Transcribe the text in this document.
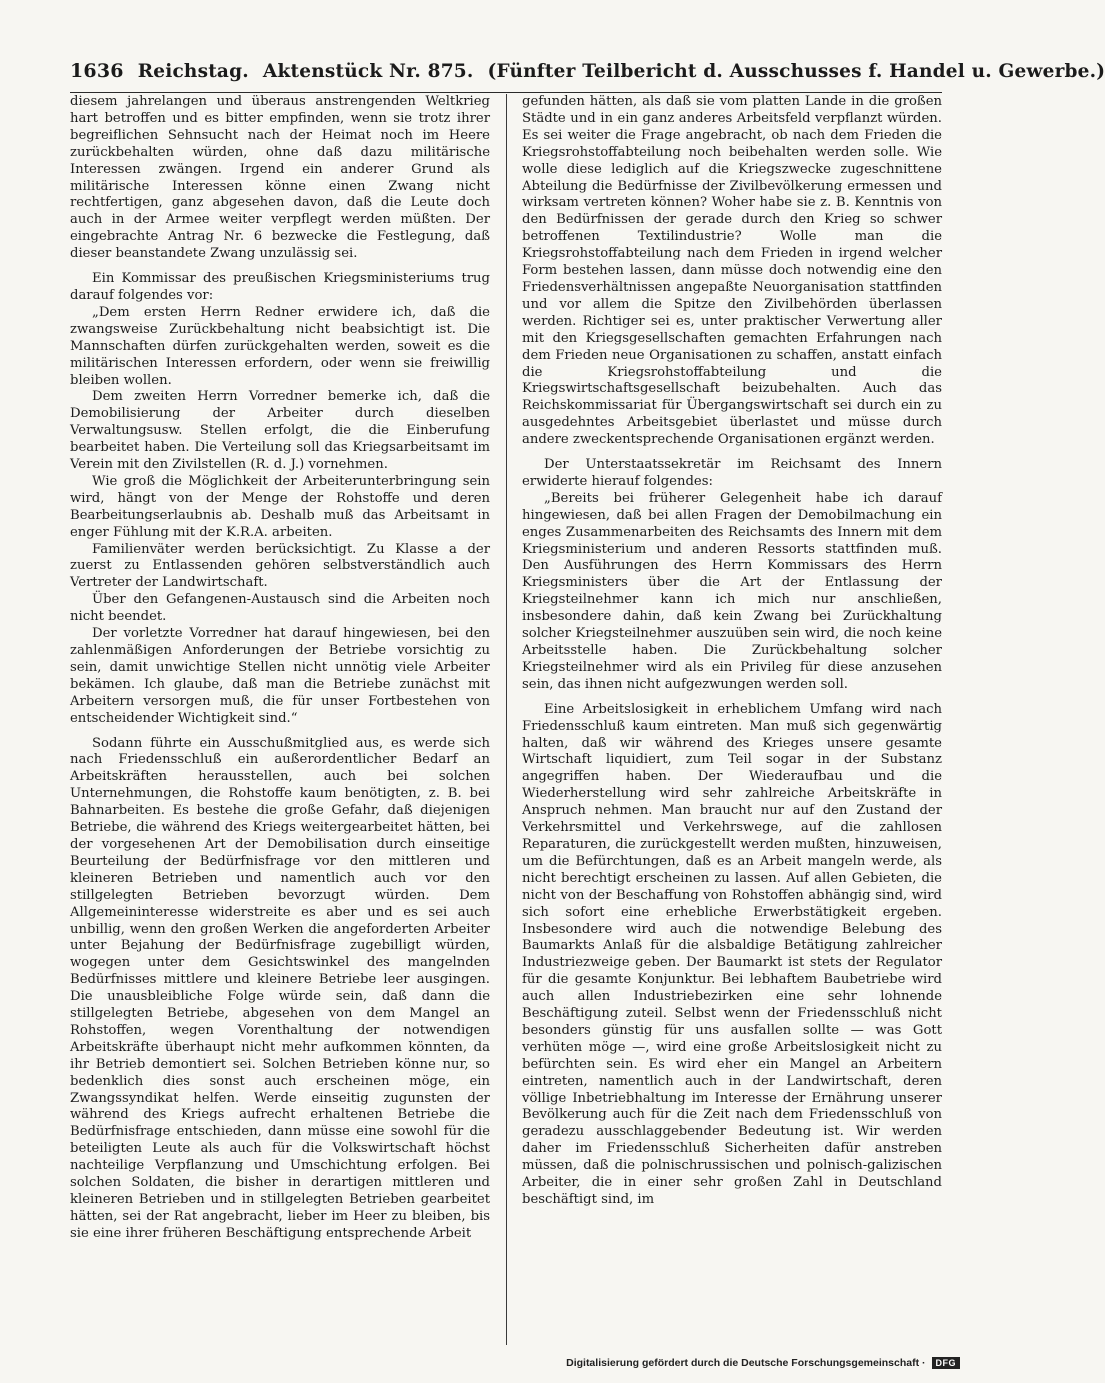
1636 Reichstag. Aktenstück Nr. 875. (Fünfter Teilbericht d. Ausschusses f. Handel u. Gewerbe.)

diesem jahrelangen und überaus anstrengenden Weltkrieg hart betroffen und es bitter empfinden, wenn sie trotz ihrer begreiflichen Sehnsucht nach der Heimat noch im Heere zurückbehalten würden, ohne daß dazu militärische Interessen zwängen. Irgend ein anderer Grund als militärische Interessen könne einen Zwang nicht rechtfertigen, ganz abgesehen davon, daß die Leute doch auch in der Armee weiter verpflegt werden müßten. Der eingebrachte Antrag Nr. 6 bezwecke die Festlegung, daß dieser beanstandete Zwang unzulässig sei.

Ein Kommissar des preußischen Kriegsministeriums trug darauf folgendes vor:

„Dem ersten Herrn Redner erwidere ich, daß die zwangsweise Zurückbehaltung nicht beabsichtigt ist. Die Mannschaften dürfen zurückgehalten werden, soweit es die militärischen Interessen erfordern, oder wenn sie freiwillig bleiben wollen.

Dem zweiten Herrn Vorredner bemerke ich, daß die Demobilisierung der Arbeiter durch dieselben Verwaltungsusw. Stellen erfolgt, die die Einberufung bearbeitet haben. Die Verteilung soll das Kriegsarbeitsamt im Verein mit den Zivilstellen (R. d. J.) vornehmen.

Wie groß die Möglichkeit der Arbeiterunterbringung sein wird, hängt von der Menge der Rohstoffe und deren Bearbeitungserlaubnis ab. Deshalb muß das Arbeitsamt in enger Fühlung mit der K.R.A. arbeiten.

Familienväter werden berücksichtigt. Zu Klasse a der zuerst zu Entlassenden gehören selbstverständlich auch Vertreter der Landwirtschaft.

Über den Gefangenen-Austausch sind die Arbeiten noch nicht beendet.

Der vorletzte Vorredner hat darauf hingewiesen, bei den zahlenmäßigen Anforderungen der Betriebe vorsichtig zu sein, damit unwichtige Stellen nicht unnötig viele Arbeiter bekämen. Ich glaube, daß man die Betriebe zunächst mit Arbeitern versorgen muß, die für unser Fortbestehen von entscheidender Wichtigkeit sind.“

Sodann führte ein Ausschußmitglied aus, es werde sich nach Friedensschluß ein außerordentlicher Bedarf an Arbeitskräften herausstellen, auch bei solchen Unternehmungen, die Rohstoffe kaum benötigten, z. B. bei Bahnarbeiten. Es bestehe die große Gefahr, daß diejenigen Betriebe, die während des Kriegs weitergearbeitet hätten, bei der vorgesehenen Art der Demobilisation durch einseitige Beurteilung der Bedürfnisfrage vor den mittleren und kleineren Betrieben und namentlich auch vor den stillgelegten Betrieben bevorzugt würden. Dem Allgemeininteresse widerstreite es aber und es sei auch unbillig, wenn den großen Werken die angeforderten Arbeiter unter Bejahung der Bedürfnisfrage zugebilligt würden, wogegen unter dem Gesichtswinkel des mangelnden Bedürfnisses mittlere und kleinere Betriebe leer ausgingen. Die unausbleibliche Folge würde sein, daß dann die stillgelegten Betriebe, abgesehen von dem Mangel an Rohstoffen, wegen Vorenthaltung der notwendigen Arbeitskräfte überhaupt nicht mehr aufkommen könnten, da ihr Betrieb demontiert sei. Solchen Betrieben könne nur, so bedenklich dies sonst auch erscheinen möge, ein Zwangssyndikat helfen. Werde einseitig zugunsten der während des Kriegs aufrecht erhaltenen Betriebe die Bedürfnisfrage entschieden, dann müsse eine sowohl für die beteiligten Leute als auch für die Volkswirtschaft höchst nachteilige Verpflanzung und Umschichtung erfolgen. Bei solchen Soldaten, die bisher in derartigen mittleren und kleineren Betrieben und in stillgelegten Betrieben gearbeitet hätten, sei der Rat angebracht, lieber im Heer zu bleiben, bis sie eine ihrer früheren Beschäftigung entsprechende Arbeit

gefunden hätten, als daß sie vom platten Lande in die großen Städte und in ein ganz anderes Arbeitsfeld verpflanzt würden. Es sei weiter die Frage angebracht, ob nach dem Frieden die Kriegsrohstoffabteilung noch beibehalten werden solle. Wie wolle diese lediglich auf die Kriegszwecke zugeschnittene Abteilung die Bedürfnisse der Zivilbevölkerung ermessen und wirksam vertreten können? Woher habe sie z. B. Kenntnis von den Bedürfnissen der gerade durch den Krieg so schwer betroffenen Textilindustrie? Wolle man die Kriegsrohstoffabteilung nach dem Frieden in irgend welcher Form bestehen lassen, dann müsse doch notwendig eine den Friedensverhältnissen angepaßte Neuorganisation stattfinden und vor allem die Spitze den Zivilbehörden überlassen werden. Richtiger sei es, unter praktischer Verwertung aller mit den Kriegsgesellschaften gemachten Erfahrungen nach dem Frieden neue Organisationen zu schaffen, anstatt einfach die Kriegsrohstoffabteilung und die Kriegswirtschaftsgesellschaft beizubehalten. Auch das Reichskommissariat für Übergangswirtschaft sei durch ein zu ausgedehntes Arbeitsgebiet überlastet und müsse durch andere zweckentsprechende Organisationen ergänzt werden.

Der Unterstaatssekretär im Reichsamt des Innern erwiderte hierauf folgendes:

„Bereits bei früherer Gelegenheit habe ich darauf hingewiesen, daß bei allen Fragen der Demobilmachung ein enges Zusammenarbeiten des Reichsamts des Innern mit dem Kriegsministerium und anderen Ressorts stattfinden muß. Den Ausführungen des Herrn Kommissars des Herrn Kriegsministers über die Art der Entlassung der Kriegsteilnehmer kann ich mich nur anschließen, insbesondere dahin, daß kein Zwang bei Zurückhaltung solcher Kriegsteilnehmer auszuüben sein wird, die noch keine Arbeitsstelle haben. Die Zurückbehaltung solcher Kriegsteilnehmer wird als ein Privileg für diese anzusehen sein, das ihnen nicht aufgezwungen werden soll.

Eine Arbeitslosigkeit in erheblichem Umfang wird nach Friedensschluß kaum eintreten. Man muß sich gegenwärtig halten, daß wir während des Krieges unsere gesamte Wirtschaft liquidiert, zum Teil sogar in der Substanz angegriffen haben. Der Wiederaufbau und die Wiederherstellung wird sehr zahlreiche Arbeitskräfte in Anspruch nehmen. Man braucht nur auf den Zustand der Verkehrsmittel und Verkehrswege, auf die zahllosen Reparaturen, die zurückgestellt werden mußten, hinzuweisen, um die Befürchtungen, daß es an Arbeit mangeln werde, als nicht berechtigt erscheinen zu lassen. Auf allen Gebieten, die nicht von der Beschaffung von Rohstoffen abhängig sind, wird sich sofort eine erhebliche Erwerbstätigkeit ergeben. Insbesondere wird auch die notwendige Belebung des Baumarkts Anlaß für die alsbaldige Betätigung zahlreicher Industriezweige geben. Der Baumarkt ist stets der Regulator für die gesamte Konjunktur. Bei lebhaftem Baubetriebe wird auch allen Industriebezirken eine sehr lohnende Beschäftigung zuteil. Selbst wenn der Friedensschluß nicht besonders günstig für uns ausfallen sollte — was Gott verhüten möge —, wird eine große Arbeitslosigkeit nicht zu befürchten sein. Es wird eher ein Mangel an Arbeitern eintreten, namentlich auch in der Landwirtschaft, deren völlige Inbetriebhaltung im Interesse der Ernährung unserer Bevölkerung auch für die Zeit nach dem Friedensschluß von geradezu ausschlaggebender Bedeutung ist. Wir werden daher im Friedensschluß Sicherheiten dafür anstreben müssen, daß die polnischrussischen und polnisch-galizischen Arbeiter, die in einer sehr großen Zahl in Deutschland beschäftigt sind, im

Digitalisierung gefördert durch die Deutsche Forschungsgemeinschaft ·	DFG
